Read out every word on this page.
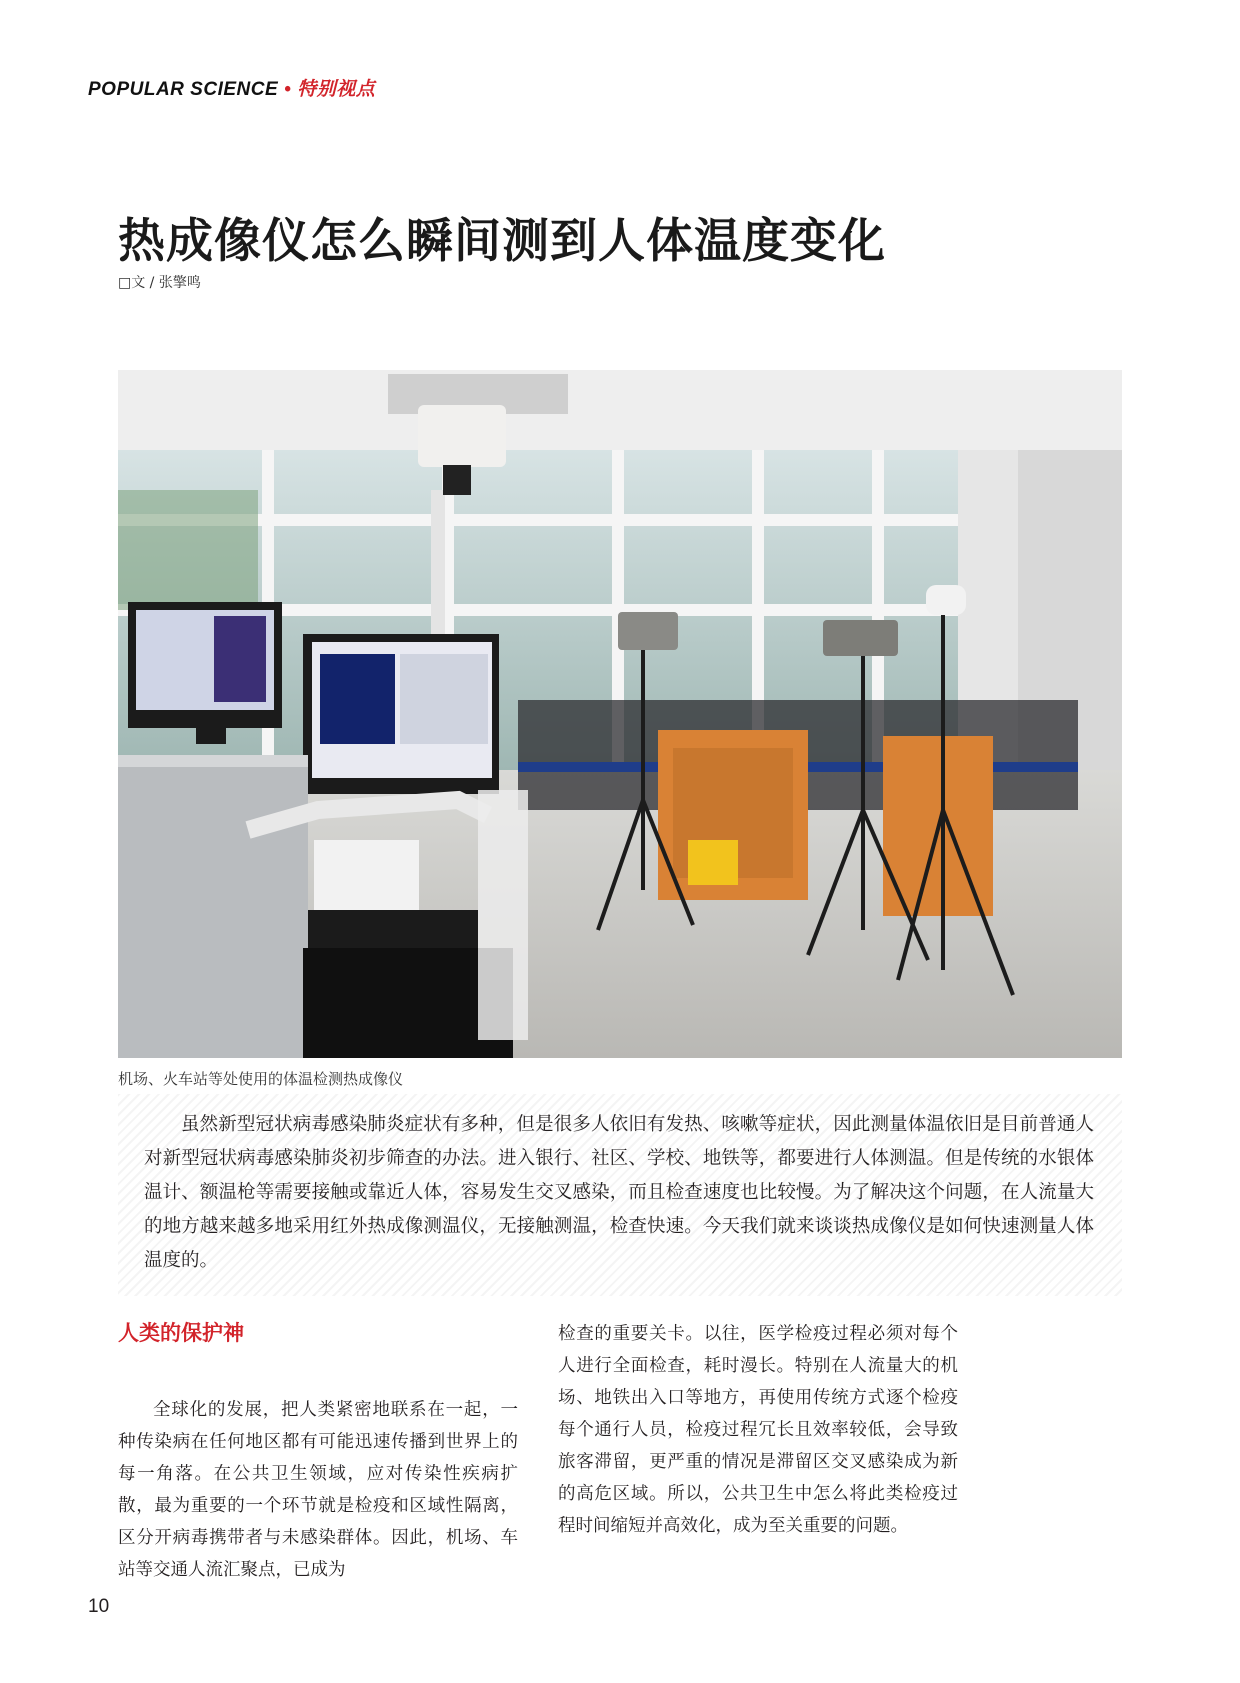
POPULAR SCIENCE • 特别视点
热成像仪怎么瞬间测到人体温度变化
□文 / 张擎鸣
机场、火车站等处使用的体温检测热成像仪

虽然新型冠状病毒感染肺炎症状有多种，但是很多人依旧有发热、咳嗽等症状，因此测量体温依旧是目前普通人对新型冠状病毒感染肺炎初步筛查的办法。进入银行、社区、学校、地铁等，都要进行人体测温。但是传统的水银体温计、额温枪等需要接触或靠近人体，容易发生交叉感染，而且检查速度也比较慢。为了解决这个问题，在人流量大的地方越来越多地采用红外热成像测温仪，无接触测温，检查快速。今天我们就来谈谈热成像仪是如何快速测量人体温度的。

人类的保护神

全球化的发展，把人类紧密地联系在一起，一种传染病在任何地区都有可能迅速传播到世界上的每一角落。在公共卫生领域，应对传染性疾病扩散，最为重要的一个环节就是检疫和区域性隔离，区分开病毒携带者与未感染群体。因此，机场、车站等交通人流汇聚点，已成为

检查的重要关卡。以往，医学检疫过程必须对每个人进行全面检查，耗时漫长。特别在人流量大的机场、地铁出入口等地方，再使用传统方式逐个检疫每个通行人员，检疫过程冗长且效率较低，会导致旅客滞留，更严重的情况是滞留区交叉感染成为新的高危区域。所以，公共卫生中怎么将此类检疫过程时间缩短并高效化，成为至关重要的问题。

10
